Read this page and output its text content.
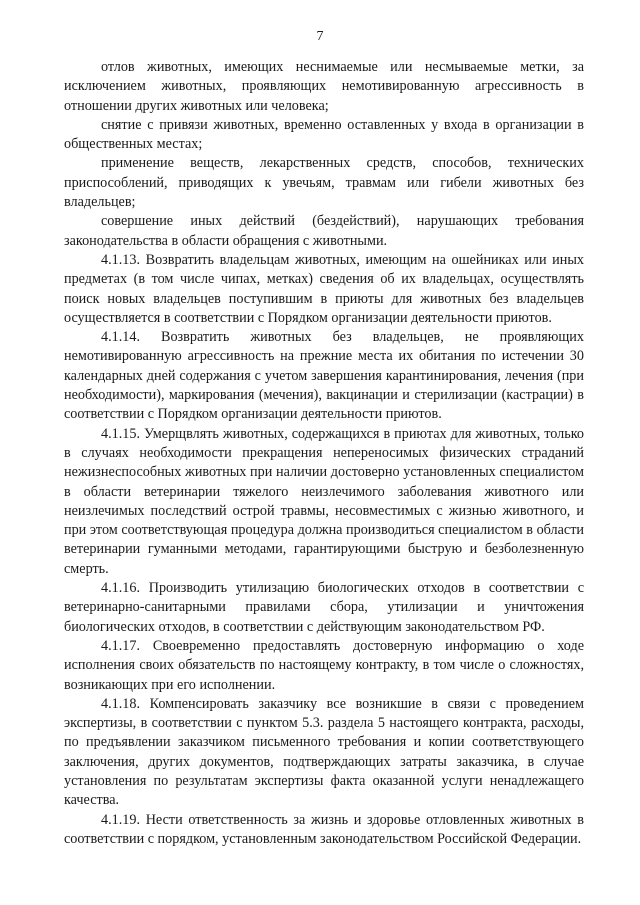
7

отлов животных, имеющих неснимаемые или несмываемые метки, за исключением животных, проявляющих немотивированную агрессивность в отношении других животных или человека;

снятие с привязи животных, временно оставленных у входа в организации в общественных местах;

применение веществ, лекарственных средств, способов, технических приспособлений, приводящих к увечьям, травмам или гибели животных без владельцев;

совершение иных действий (бездействий), нарушающих требования законодательства в области обращения с животными.

4.1.13. Возвратить владельцам животных, имеющим на ошейниках или иных предметах (в том числе чипах, метках) сведения об их владельцах, осуществлять поиск новых владельцев поступившим в приюты для животных без владельцев осуществляется в соответствии с Порядком организации деятельности приютов.

4.1.14. Возвратить животных без владельцев, не проявляющих немотивированную агрессивность на прежние места их обитания по истечении 30 календарных дней содержания с учетом завершения карантинирования, лечения (при необходимости), маркирования (мечения), вакцинации и стерилизации (кастрации) в соответствии с Порядком организации деятельности приютов.

4.1.15. Умерщвлять животных, содержащихся в приютах для животных, только в случаях необходимости прекращения непереносимых физических страданий нежизнеспособных животных при наличии достоверно установленных специалистом в области ветеринарии тяжелого неизлечимого заболевания животного или неизлечимых последствий острой травмы, несовместимых с жизнью животного, и при этом соответствующая процедура должна производиться специалистом в области ветеринарии гуманными методами, гарантирующими быструю и безболезненную смерть.

4.1.16. Производить утилизацию биологических отходов в соответствии с ветеринарно-санитарными правилами сбора, утилизации и уничтожения биологических отходов, в соответствии с действующим законодательством РФ.

4.1.17. Своевременно предоставлять достоверную информацию о ходе исполнения своих обязательств по настоящему контракту, в том числе о сложностях, возникающих при его исполнении.

4.1.18. Компенсировать заказчику все возникшие в связи с проведением экспертизы, в соответствии с пунктом 5.3. раздела 5 настоящего контракта, расходы, по предъявлении заказчиком письменного требования и копии соответствующего заключения, других документов, подтверждающих затраты заказчика, в случае установления по результатам экспертизы факта оказанной услуги ненадлежащего качества.

4.1.19. Нести ответственность за жизнь и здоровье отловленных животных в соответствии с порядком, установленным законодательством Российской Федерации.
